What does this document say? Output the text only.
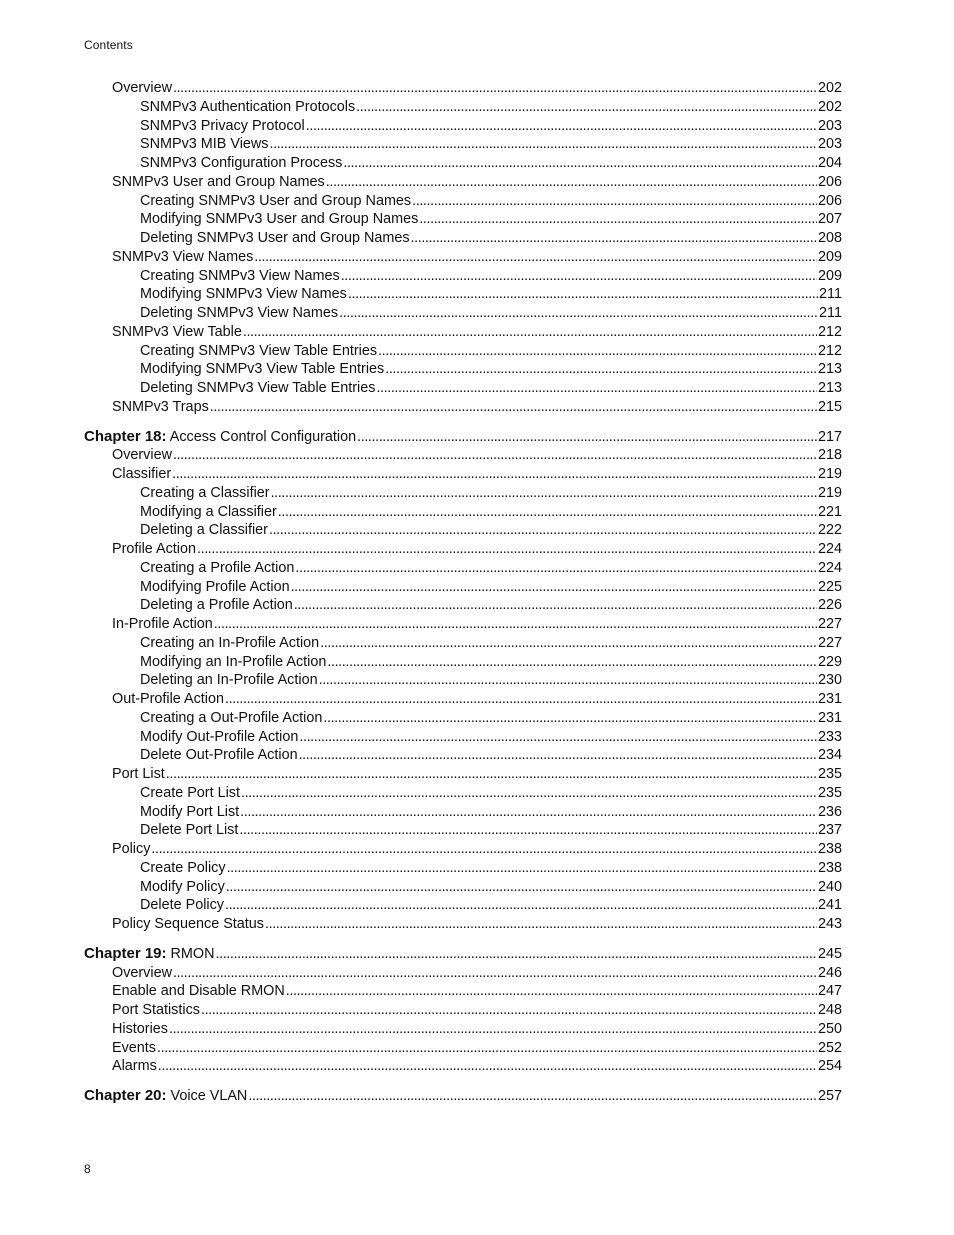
Contents
Overview . . .	202
SNMPv3 Authentication Protocols . . .	202
SNMPv3 Privacy Protocol . . .	203
SNMPv3 MIB Views . . .	203
SNMPv3 Configuration Process . . .	204
SNMPv3 User and Group Names . . .	206
Creating SNMPv3 User and Group Names . . .	206
Modifying SNMPv3 User and Group Names . . .	207
Deleting SNMPv3 User and Group Names . . .	208
SNMPv3 View Names . . .	209
Creating SNMPv3 View Names . . .	209
Modifying SNMPv3 View Names . . .	211
Deleting SNMPv3 View Names . . .	211
SNMPv3 View Table . . .	212
Creating SNMPv3 View Table Entries . . .	212
Modifying SNMPv3 View Table Entries . . .	213
Deleting SNMPv3 View Table Entries . . .	213
SNMPv3 Traps . . .	215
Chapter 18: Access Control Configuration . . .	217
Overview . . .	218
Classifier . . .	219
Creating a Classifier . . .	219
Modifying a Classifier . . .	221
Deleting a Classifier . . .	222
Profile Action . . .	224
Creating a Profile Action . . .	224
Modifying Profile Action . . .	225
Deleting a Profile Action . . .	226
In-Profile Action . . .	227
Creating an In-Profile Action . . .	227
Modifying an In-Profile Action . . .	229
Deleting an In-Profile Action . . .	230
Out-Profile Action . . .	231
Creating a Out-Profile Action . . .	231
Modify Out-Profile Action . . .	233
Delete Out-Profile Action . . .	234
Port List . . .	235
Create Port List . . .	235
Modify Port List . . .	236
Delete Port List . . .	237
Policy . . .	238
Create Policy . . .	238
Modify Policy . . .	240
Delete Policy . . .	241
Policy Sequence Status . . .	243
Chapter 19: RMON . . .	245
Overview . . .	246
Enable and Disable RMON . . .	247
Port Statistics . . .	248
Histories . . .	250
Events . . .	252
Alarms . . .	254
Chapter 20: Voice VLAN . . .	257
8
